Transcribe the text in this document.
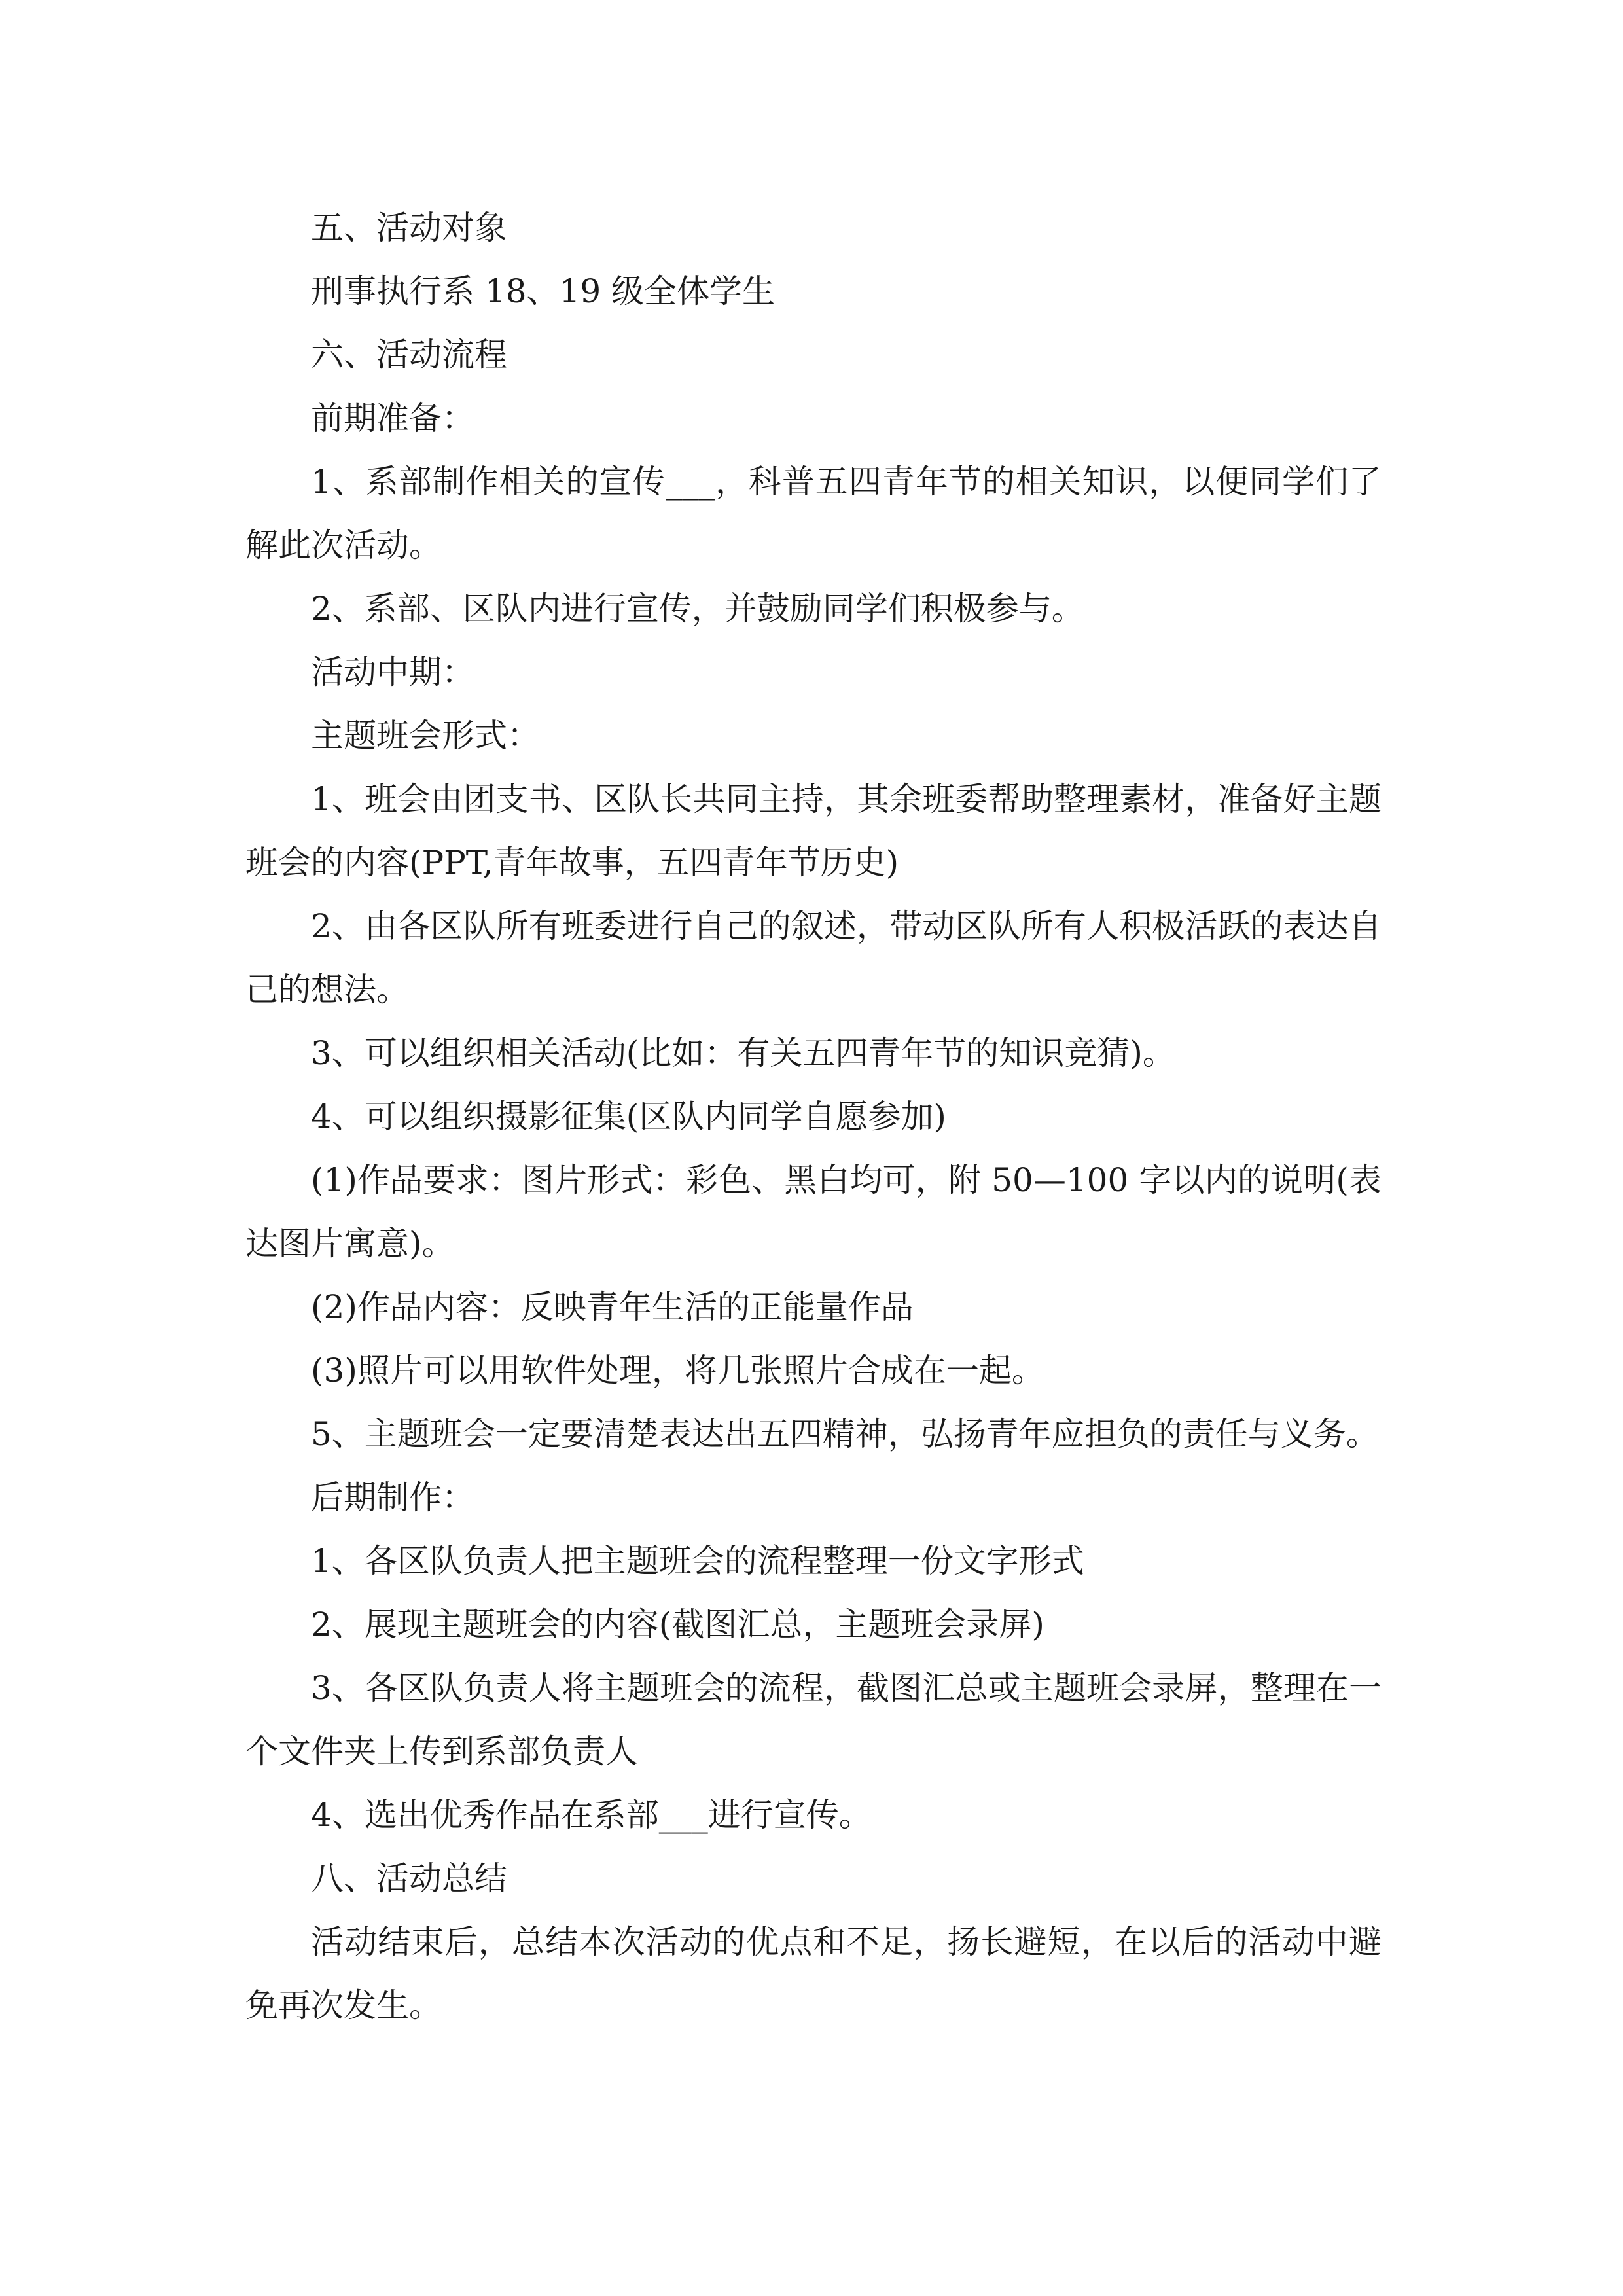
五、活动对象

刑事执行系 18、19 级全体学生

六、活动流程

前期准备：

1、系部制作相关的宣传___，科普五四青年节的相关知识，以便同学们了解此次活动。

2、系部、区队内进行宣传，并鼓励同学们积极参与。

活动中期：

主题班会形式：

1、班会由团支书、区队长共同主持，其余班委帮助整理素材，准备好主题班会的内容(PPT,青年故事，五四青年节历史)

2、由各区队所有班委进行自己的叙述，带动区队所有人积极活跃的表达自己的想法。

3、可以组织相关活动(比如：有关五四青年节的知识竞猜)。

4、可以组织摄影征集(区队内同学自愿参加)

(1)作品要求：图片形式：彩色、黑白均可，附 50—100 字以内的说明(表达图片寓意)。

(2)作品内容：反映青年生活的正能量作品

(3)照片可以用软件处理，将几张照片合成在一起。

5、主题班会一定要清楚表达出五四精神，弘扬青年应担负的责任与义务。

后期制作：

1、各区队负责人把主题班会的流程整理一份文字形式

2、展现主题班会的内容(截图汇总，主题班会录屏)

3、各区队负责人将主题班会的流程，截图汇总或主题班会录屏，整理在一个文件夹上传到系部负责人

4、选出优秀作品在系部___进行宣传。

八、活动总结

活动结束后，总结本次活动的优点和不足，扬长避短，在以后的活动中避免再次发生。
